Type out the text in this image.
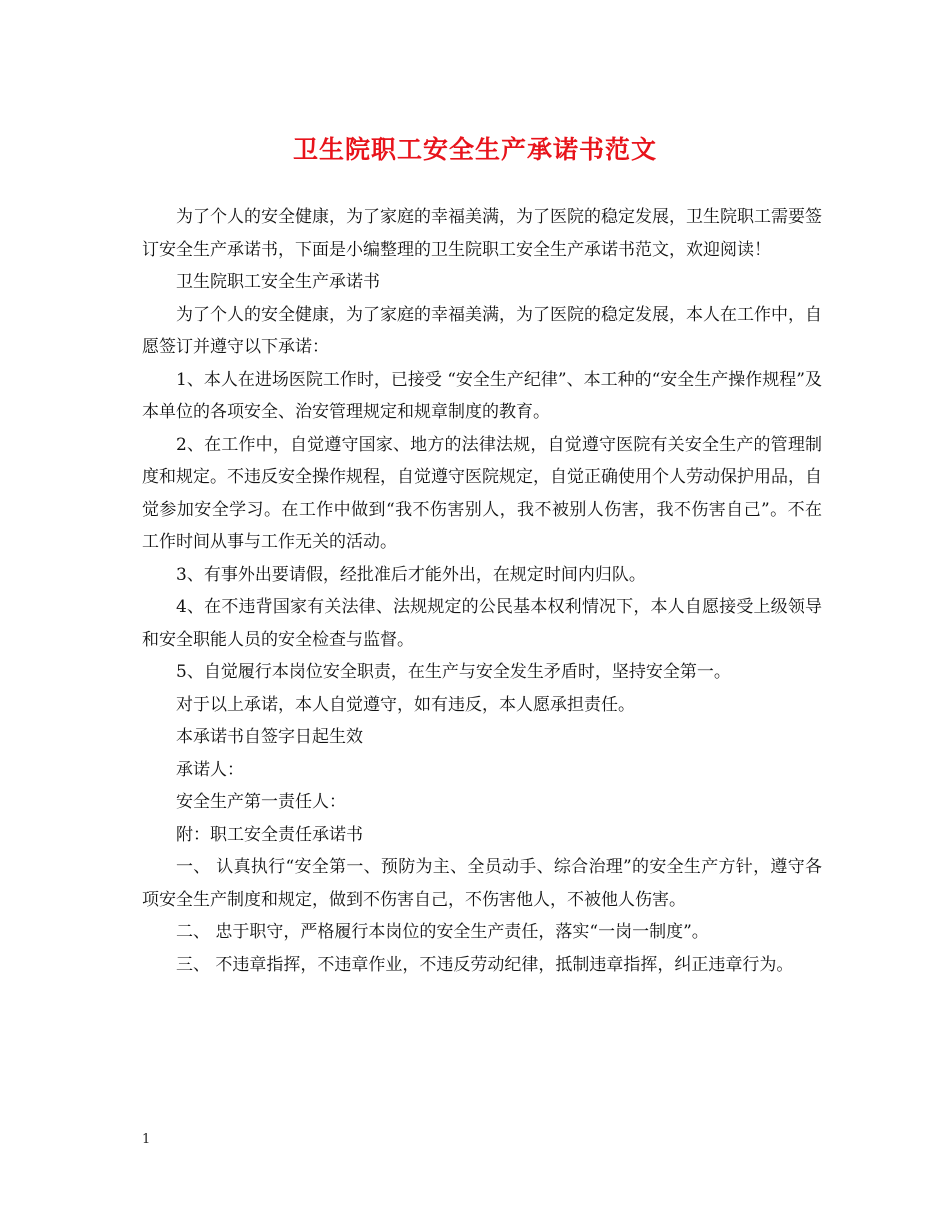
卫生院职工安全生产承诺书范文

为了个人的安全健康，为了家庭的幸福美满，为了医院的稳定发展，卫生院职工需要签订安全生产承诺书，下面是小编整理的卫生院职工安全生产承诺书范文，欢迎阅读！

卫生院职工安全生产承诺书

为了个人的安全健康，为了家庭的幸福美满，为了医院的稳定发展，本人在工作中，自愿签订并遵守以下承诺：

1、本人在进场医院工作时，已接受 “安全生产纪律”、本工种的“安全生产操作规程”及本单位的各项安全、治安管理规定和规章制度的教育。

2、在工作中，自觉遵守国家、地方的法律法规，自觉遵守医院有关安全生产的管理制度和规定。不违反安全操作规程，自觉遵守医院规定，自觉正确使用个人劳动保护用品，自觉参加安全学习。在工作中做到“我不伤害别人，我不被别人伤害，我不伤害自己”。不在工作时间从事与工作无关的活动。

3、有事外出要请假，经批准后才能外出，在规定时间内归队。

4、在不违背国家有关法律、法规规定的公民基本权利情况下，本人自愿接受上级领导和安全职能人员的安全检查与监督。

5、自觉履行本岗位安全职责，在生产与安全发生矛盾时，坚持安全第一。

对于以上承诺，本人自觉遵守，如有违反，本人愿承担责任。

本承诺书自签字日起生效

承诺人：

安全生产第一责任人：

附：职工安全责任承诺书

一、 认真执行“安全第一、预防为主、全员动手、综合治理”的安全生产方针，遵守各项安全生产制度和规定，做到不伤害自己，不伤害他人，不被他人伤害。

二、 忠于职守，严格履行本岗位的安全生产责任，落实“一岗一制度”。

三、 不违章指挥，不违章作业，不违反劳动纪律，抵制违章指挥，纠正违章行为。

1
